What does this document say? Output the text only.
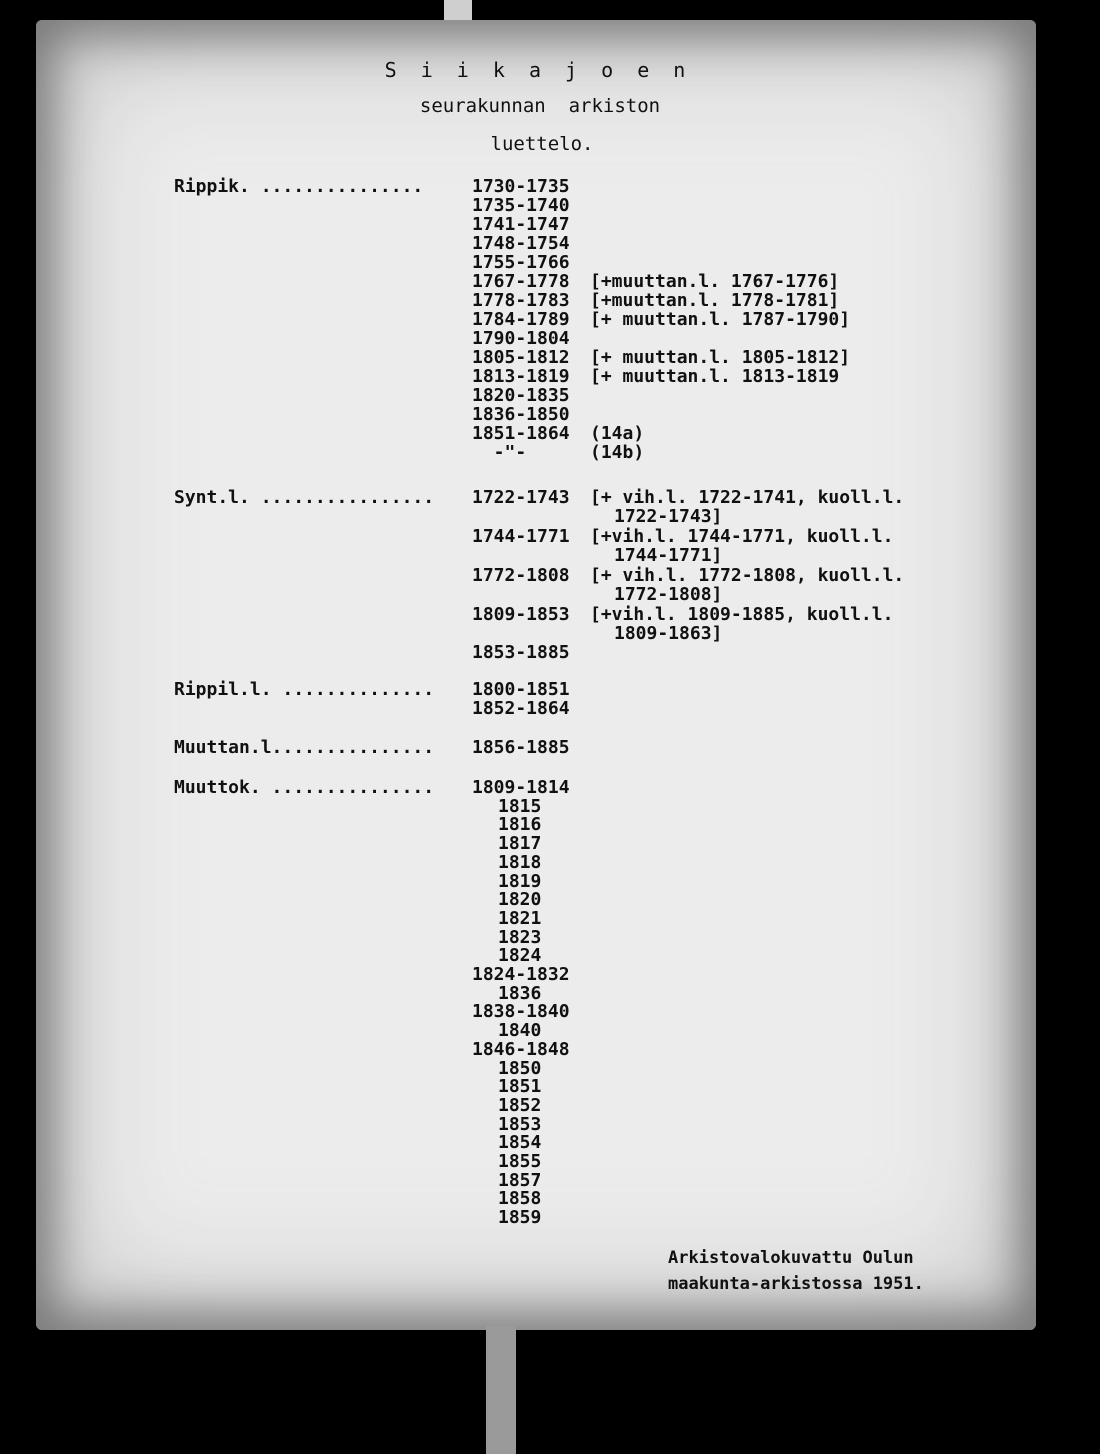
S i i k a j o e n
seurakunnan  arkiston
luettelo.
Rippik. ...............	1730-1735
1735-1740
1741-1747
1748-1754
1755-1766
1767-1778 [+muuttan.l. 1767-1776]
1778-1783 [+muuttan.l. 1778-1781]
1784-1789 [+ muuttan.l. 1787-1790]
1790-1804
1805-1812 [+ muuttan.l. 1805-1812]
1813-1819 [+ muuttan.l. 1813-1819
1820-1835
1836-1850
1851-1864 (14a)
-"-	(14b)
Synt.l. ................ 1722-1743 [+ vih.l. 1722-1741, kuoll.l.
1722-1743]
1744-1771 [+vih.l. 1744-1771, kuoll.l.
1744-1771]
1772-1808 [+ vih.l. 1772-1808, kuoll.l.
1772-1808]
1809-1853 [+vih.l. 1809-1885, kuoll.l.
1809-1863]
1853-1885
Rippil.l. .............. 1800-1851
1852-1864
Muuttan.l............... 1856-1885
Muuttok. ............... 1809-1814
1815
1816
1817
1818
1819
1820
1821
1823
1824
1824-1832
1836
1838-1840
1840
1846-1848
1850
1851
1852
1853
1854
1855
1857
1858
1859
Arkistovalokuvattu Oulun
maakunta-arkistossa 1951.
